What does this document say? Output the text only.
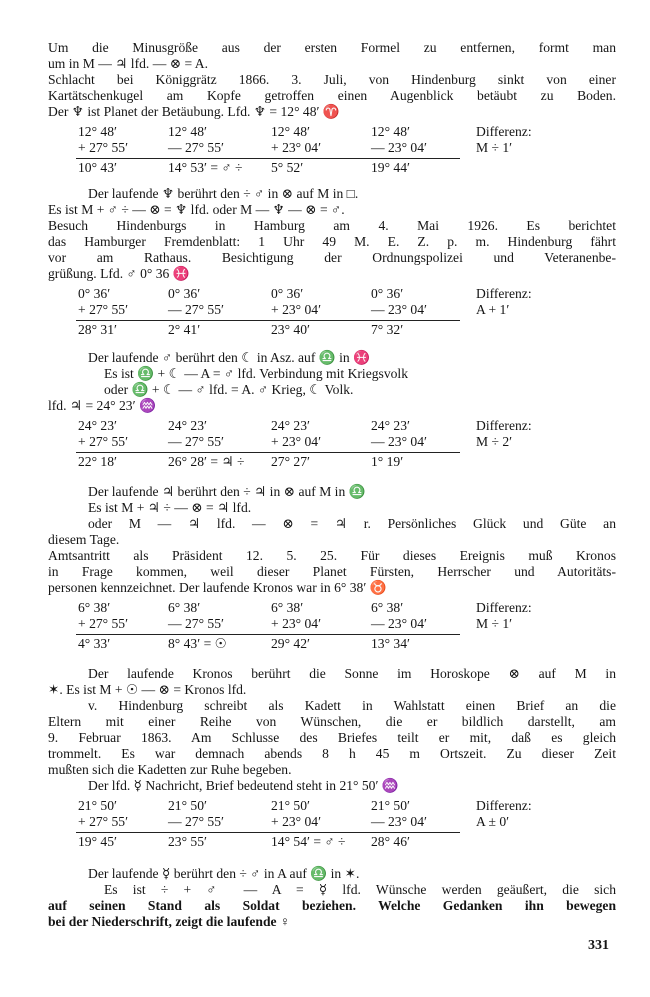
Um die Minusgröße aus der ersten Formel zu entfernen, formt man
um in M — ♃ lfd. — ⊗ = A.
Schlacht bei Königgrätz 1866. 3. Juli, von Hindenburg sinkt von einer
Kartätschenkugel am Kopfe getroffen einen Augenblick betäubt zu Boden.
Der ♆ ist Planet der Betäubung. Lfd. ♆ = 12° 48′ ♈
12° 48′	12° 48′	12° 48′	12° 48′	Differenz:
+ 27° 55′	— 27° 55′	+ 23° 04′	— 23° 04′	M ÷ 1′
10° 43′	14° 53′ = ♂ ÷ 5° 52′	19° 44′
Der laufende ♆ berührt den ÷ ♂ in ⊗ auf M in □.
Es ist M + ♂ ÷ — ⊗ = ♆ lfd. oder M — ♆ — ⊗ = ♂.
Besuch Hindenburgs in Hamburg am 4. Mai 1926. Es berichtet
das Hamburger Fremdenblatt: 1 Uhr 49 M. E. Z. p. m. Hindenburg fährt
vor am Rathaus. Besichtigung der Ordnungspolizei und Veteranenbe-
grüßung. Lfd. ♂ 0° 36 ♓
0° 36′	0° 36′	0° 36′	0° 36′	Differenz:
+ 27° 55′	— 27° 55′	+ 23° 04′	— 23° 04′	A + 1′
28° 31′	2° 41′	23° 40′	7° 32′
Der laufende ♂ berührt den ☾ in Asz. auf ♎ in ♓
Es ist ♎ + ☾ — A = ♂ lfd. Verbindung mit Kriegsvolk
oder ♎ + ☾ — ♂ lfd. = A. ♂ Krieg, ☾ Volk.
lfd. ♃ = 24° 23′ ♒
24° 23′	24° 23′	24° 23′	24° 23′	Differenz:
+ 27° 55′	— 27° 55′	+ 23° 04′	— 23° 04′	M ÷ 2′
22° 18′	26° 28′ = ♃ ÷ 27° 27′	1° 19′
Der laufende ♃ berührt den ÷ ♃ in ⊗ auf M in ♎
Es ist M + ♃ ÷ — ⊗ = ♃ lfd.
oder M — ♃ lfd. — ⊗ = ♃ r. Persönliches Glück und Güte an
diesem Tage.
Amtsantritt als Präsident 12. 5. 25. Für dieses Ereignis muß Kronos
in Frage kommen, weil dieser Planet Fürsten, Herrscher und Autoritäts-
personen kennzeichnet. Der laufende Kronos war in 6° 38′ ♉
6° 38′	6° 38′	6° 38′	6° 38′	Differenz:
+ 27° 55′	— 27° 55′	+ 23° 04′	— 23° 04′	M ÷ 1′
4° 33′	8° 43′ = ☉	29° 42′	13° 34′
Der laufende Kronos berührt die Sonne im Horoskope ⊗ auf M in
✶. Es ist M + ☉ — ⊗ = Kronos lfd.
v. Hindenburg schreibt als Kadett in Wahlstatt einen Brief an die
Eltern mit einer Reihe von Wünschen, die er bildlich darstellt, am
9. Februar 1863. Am Schlusse des Briefes teilt er mit, daß es gleich
trommelt. Es war demnach abends 8 h 45 m Ortszeit. Zu dieser Zeit
mußten sich die Kadetten zur Ruhe begeben.
Der lfd. ☿ Nachricht, Brief bedeutend steht in 21° 50′ ♒
21° 50′	21° 50′	21° 50′	21° 50′	Differenz:
+ 27° 55′	— 27° 55′	+ 23° 04′	— 23° 04′	A ± 0′
19° 45′	23° 55′	14° 54′ = ♂ ÷ 28° 46′
Der laufende ☿ berührt den ÷ ♂ in A auf ♎ in ✶.
Es ist ÷ + ♂ — A = ☿ lfd. Wünsche werden geäußert, die sich
auf seinen Stand als Soldat beziehen. Welche Gedanken ihn bewegen
bei der Niederschrift, zeigt die laufende ♀
331
